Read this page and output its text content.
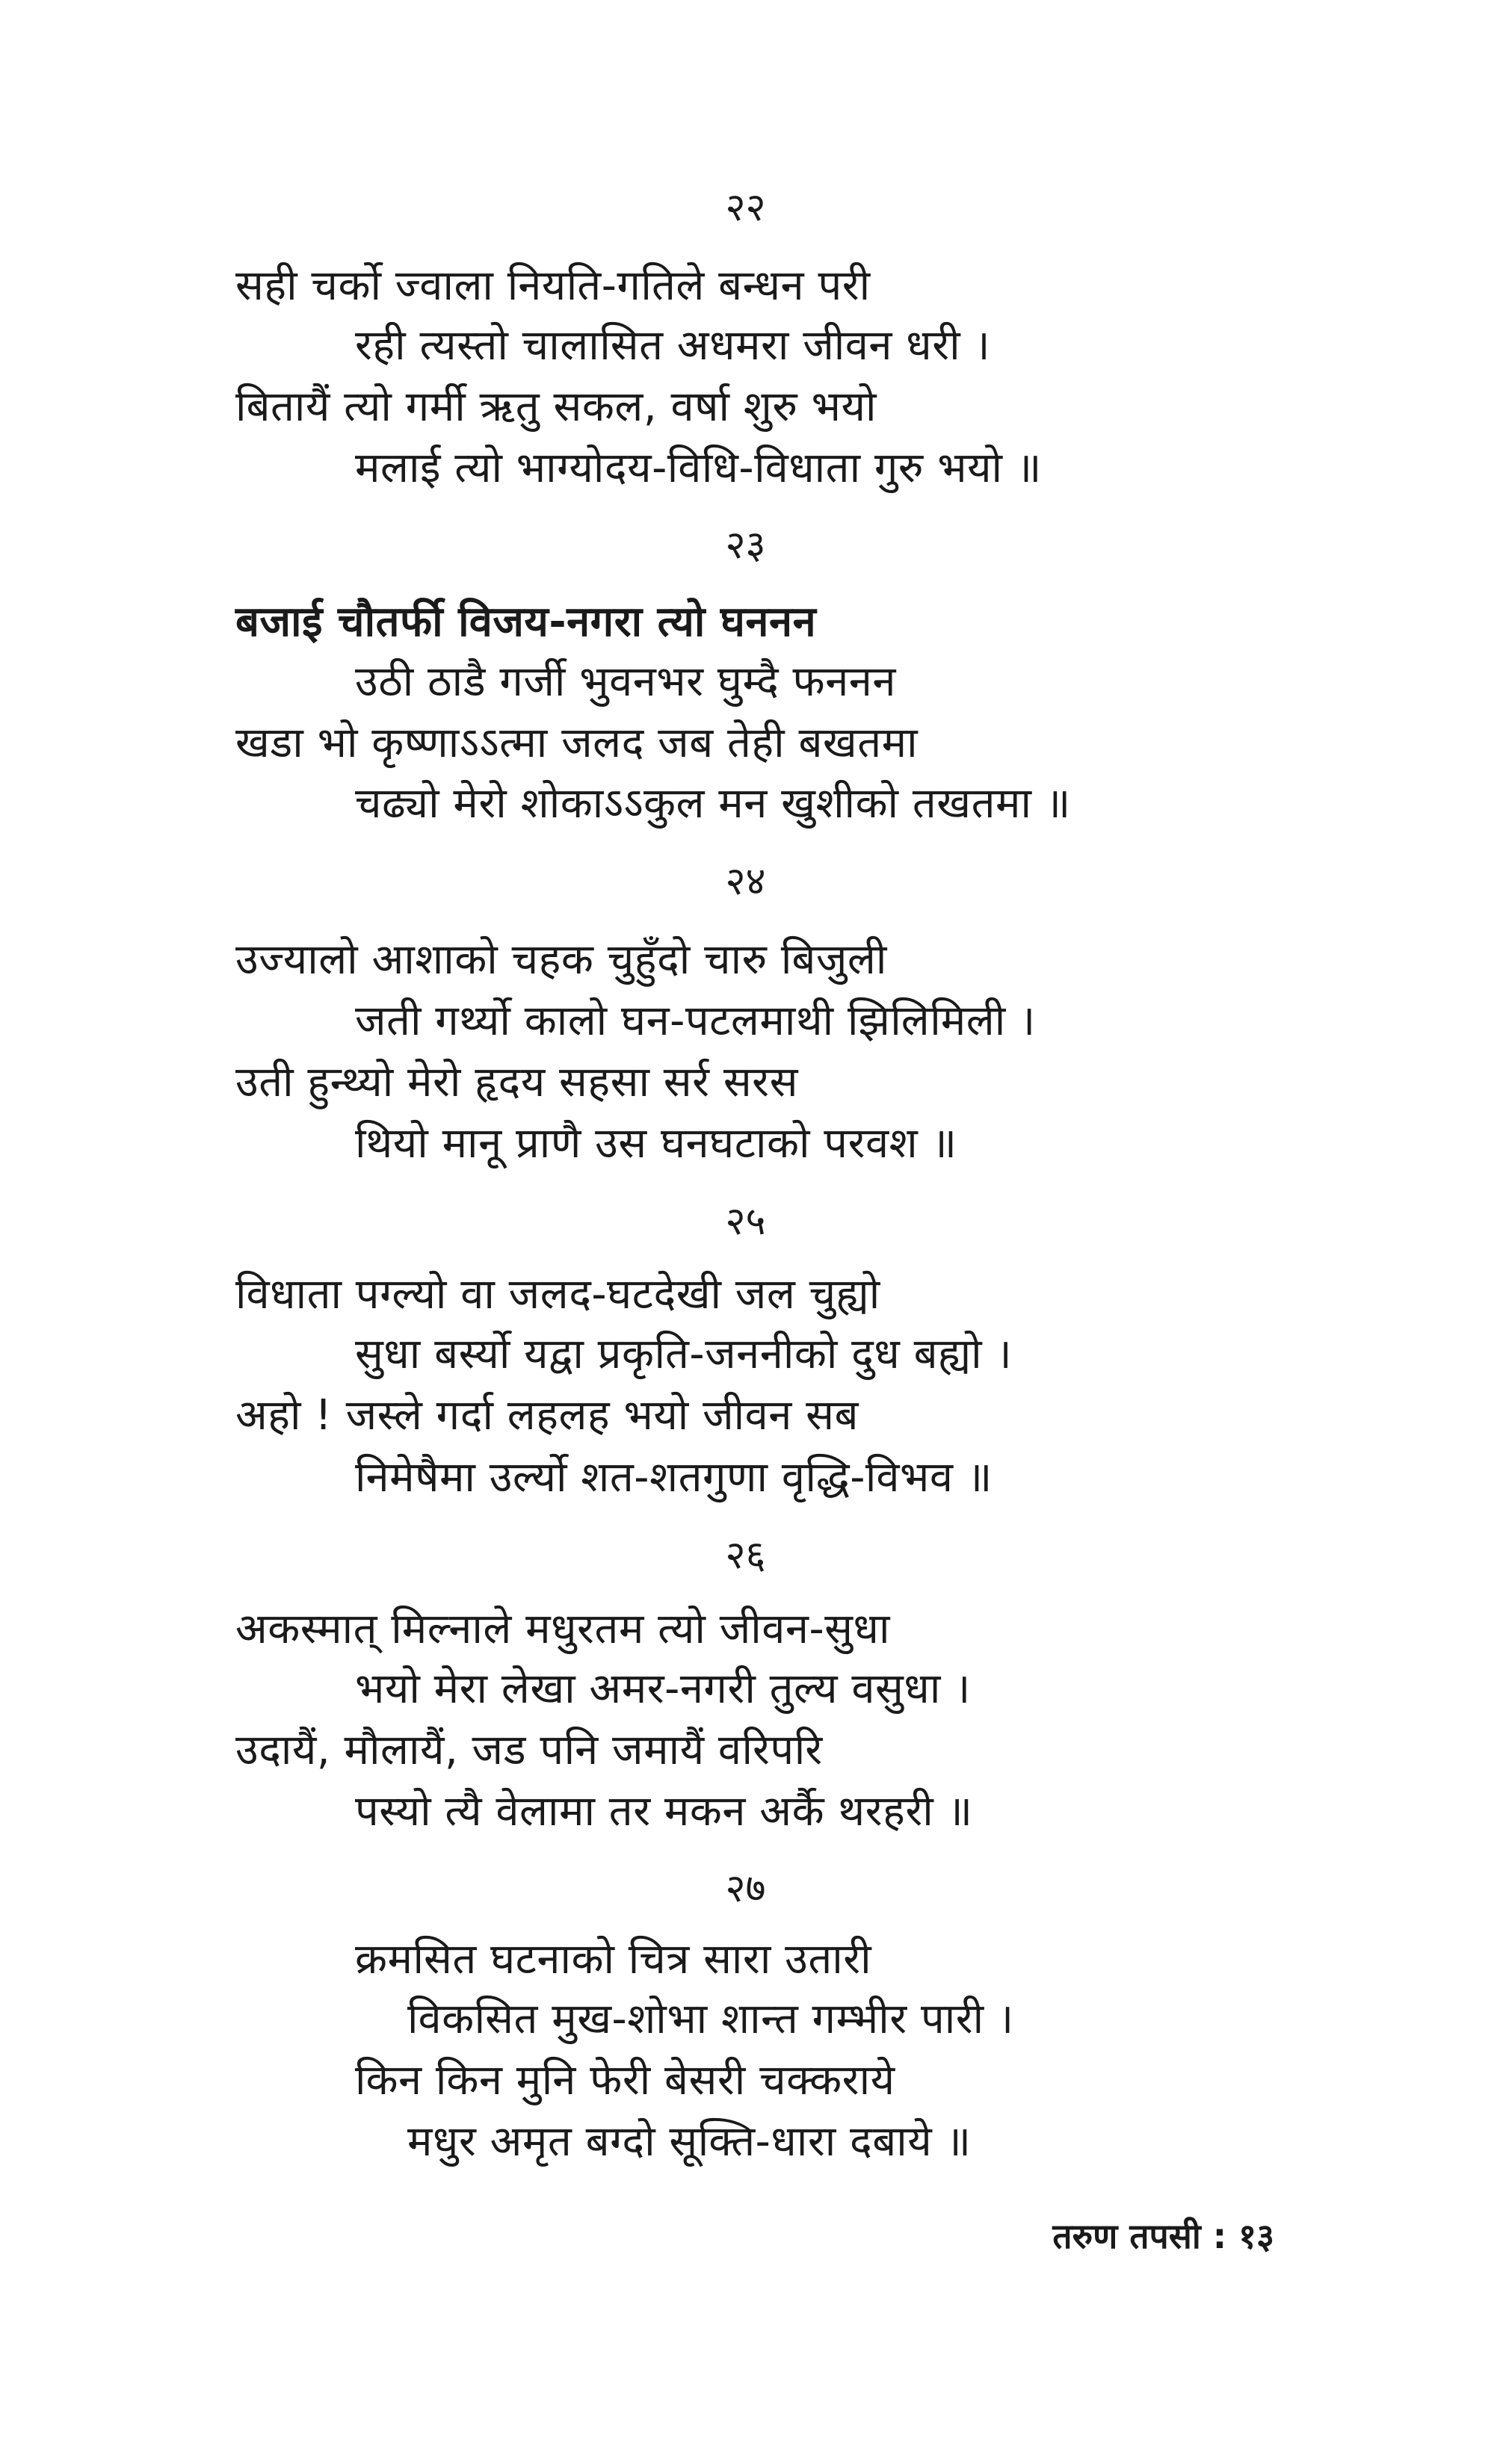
२२
सही चर्को ज्वाला नियति-गतिले बन्धन परी
रही त्यस्तो चालासित अधमरा जीवन धरी ।
बितायैं त्यो गर्मी ऋतु सकल, वर्षा शुरु भयो
मलाई त्यो भाग्योदय-विधि-विधाता गुरु भयो ॥
२३
बजाई चौतर्फी विजय-नगरा त्यो घननन
उठी ठाडै गर्जी भुवनभर घुम्दै फननन
खडा भो कृष्णाऽऽत्मा जलद जब तेही बखतमा
चढ्यो मेरो शोकाऽऽकुल मन खुशीको तखतमा ॥
२४
उज्यालो आशाको चहक चुहुँदो चारु बिजुली
जती गर्थ्यो कालो घन-पटलमाथी झिलिमिली ।
उती हुन्थ्यो मेरो हृदय सहसा सर्र सरस
थियो मानू प्राणै उस घनघटाको परवश ॥
२५
विधाता पग्ल्यो वा जलद-घटदेखी जल चुह्यो
सुधा बर्स्यो यद्वा प्रकृति-जननीको दुध बह्यो ।
अहो ! जस्ले गर्दा लहलह भयो जीवन सब
निमेषैमा उर्ल्यो शत-शतगुणा वृद्धि-विभव ॥
२६
अकस्मात् मिल्नाले मधुरतम त्यो जीवन-सुधा
भयो मेरा लेखा अमर-नगरी तुल्य वसुधा ।
उदायैं, मौलायैं, जड पनि जमायैं वरिपरि
पस्यो त्यै वेलामा तर मकन अर्कै थरहरी ॥
२७
क्रमसित घटनाको चित्र सारा उतारी
विकसित मुख-शोभा शान्त गम्भीर पारी ।
किन किन मुनि फेरी बेसरी चक्कराये
मधुर अमृत बग्दो सूक्ति-धारा दबाये ॥
तरुण तपसी : १३
